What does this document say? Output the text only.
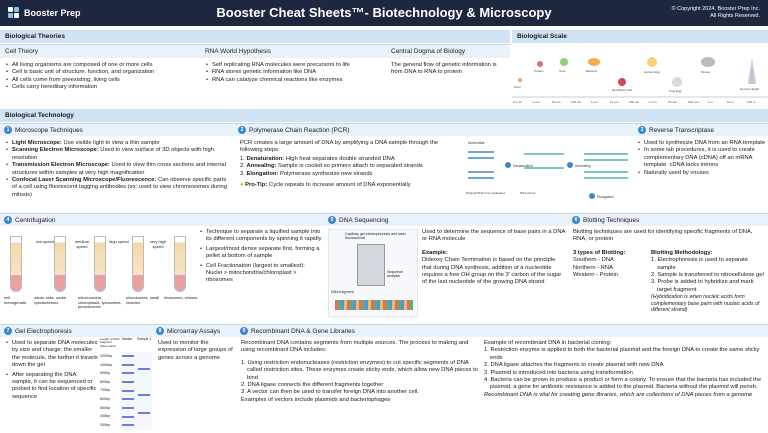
Booster Prep	Booster Cheat Sheets™- Biotechnology & Microscopy	© Copyright 2024, Booster Prep Inc.
All Rights Reserved.
Biological Theories
Cell Theory	RNA World Hypothesis	Central Dogma of Biology
• All living organisms are composed of one or more cells
• Cell is basic unit of structure, function, and organization
• All cells come from preexisting, living cells
• Cells carry hereditary information
• Self replicating RNA molecules were precursors to life
• RNA stores genetic information like DNA
• RNA can catalyze chemical reactions like enzymes
The general flow of genetic information is from DNA to RNA to protein
Biological Scale
Atom
Protein	Virus	Bacteria
Red Blood Cell
Human Egg
Frog Egg
Mouse
Human Height
0.1 nm	1 nm	10 nm	100 nm	1 µm	10 µm	100 µm	1 mm	10 mm	100 mm	1 m	10 m	100 m
Biological Technology
1 Microscope Techniques	2 Polymerase Chain Reaction (PCR)	3 Reverse Transcriptase
• Light Microscope: Use visible light to view a thin sample
• Scanning Electron Microscope: Used to view surface of 3D objects with high resolution
• Transmission Electron Microscope: Used to view thin cross sections and internal structures within samples at very high magnification
• Confocal Laser Scanning Microscope/Fluorescence: Can observe specific parts of a cell using fluorescent tagging antibodies (ex: used to view chromosomes during mitosis)
PCR creates a large amount of DNA by amplifying a DNA sample through the following steps:
1. Denaturation: High heat separates double stranded DNA
2. Annealing: Sample is cooled so primers attach to separated strands
3. Elongation: Polymerase synthesize new strands
● Pro-Tip: Cycle repeats to increase amount of DNA exponentially
Nucleotide
Denaturation	Annealing
Elongation
Original DNA to be replicated	DNA primer
• Used to synthesize DNA from an RNA template
• In some lab procedures, it is used to create complementary DNA (cDNA) off an mRNA template. cDNA lacks introns
• Naturally used by viruses
4 Centrifugation	5 DNA Sequencing	6 Blotting Techniques
low speed	medium speed
high speed	very high speed
cell homogenate
whole cells, nuclei, cytoskeletons
mitochondria, chloroplasts, lysosomes, peroxisomes
microsomes, small vesicles
ribosomes, viruses
• Technique to separate a liquified sample into its different components by spinning it rapidly
• Largest/most dense separate first, forming a pellet at bottom of sample
• Cell Fractionation (largest to smallest): Nuclei > mitochondria/chloroplast > ribosomes
Capillary gel electrophoresis and laser fluorescence
DNA fragment
Sequence analysis
Used to determine the sequence of base pairs in a DNA or RNA molecule
Example:
Dideoxy Chain Termination is based on the principle that during DNA synthesis, addition of a nucleotide requires a free OH group on the 3' carbon of the sugar of the last nucleotide of the growing DNA strand
Blotting techniques are used for identifying specific fragments of DNA, RNA, or protein
3 types of Blotting:
Southern - DNA
Northern - RNA
Western - Protein
Blotting Methodology:
1. Electrophoresis is used to separate sample
2. Sample is transferred to nitrocellulose gel
3. Probe is added to hybridize and mark target fragment
(Hybridization is when nucleic acids form complementary base pairs with nucleic acids of different strand)
7 Gel Electrophoresis	8 Microarray Assays	9 Recombinant DNA & Gene Libraries
• Used to separate DNA molecules by size and charge: the smaller the molecule, the farther it travels down the gel
• After separating the DNA sample, it can be sequenced or probed to find location of specific sequence
Length of DNA fragment (base pairs)
Marker Sample 1
1200bp
1000bp
900bp
800bp
700bp
600bp
500bp
400bp
300bp
Used to monitor the expression of large groups of genes across a genome
Recombinant DNA contains segments from multiple sources. The process to making and using recombinant DNA includes:
1. Using restriction endonucleases (restriction enzymes) to cut specific segments of DNA called restriction sites. These enzymes create sticky ends, which allow new DNA pieces to bind
2. DNA ligase connects the different fragments together
3. A vector can then be used to transfer foreign DNA into another cell.
Examples of vectors include plasmids and bacteriophages
Example of recombinant DNA in bacterial cloning:
1. Restriction enzyme is applied to both the bacterial plasmid and the foreign DNA to create the same sticky ends
2. DNA ligase attaches the fragments to create plasmid with new DNA
3. Plasmid is introduced into bacteria using transformation
4. Bacteria can be grown to produce a product or form a colony. To ensure that the bacteria has included the plasmid, a gene for antibiotic resistance is added to the plasmid. Bacteria without the plasmid will perish.
Recombinant DNA is vital for creating gene libraries, which are collections of DNA pieces from a genome
